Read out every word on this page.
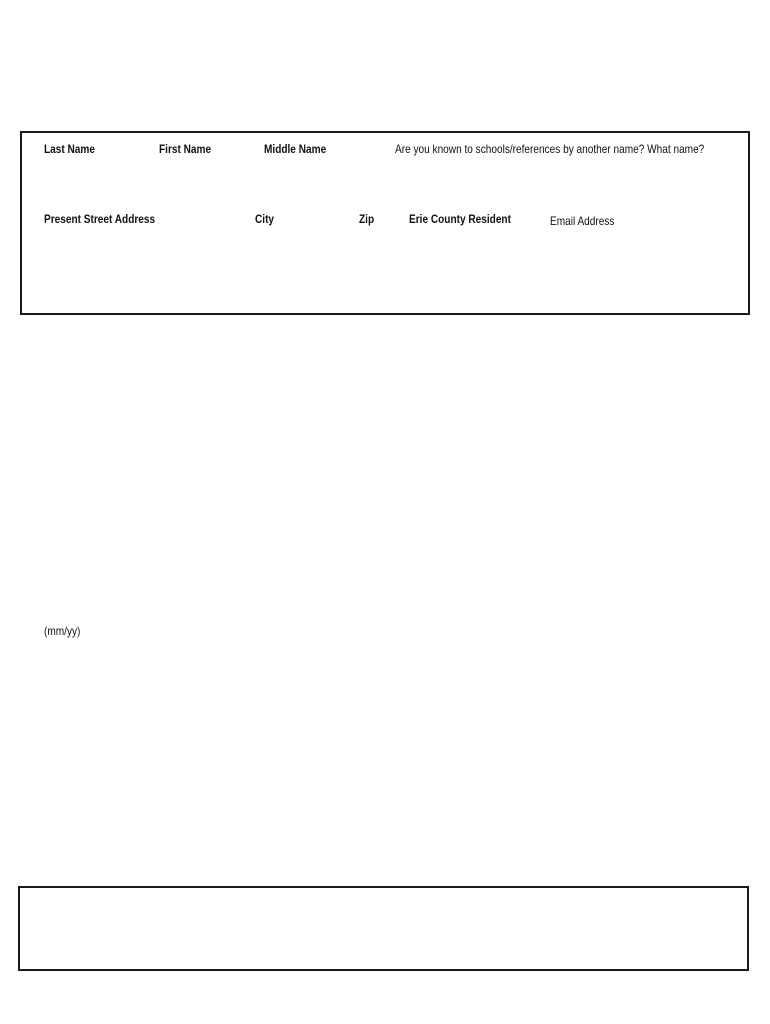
Last Name	First Name	Middle Name	Are you known to schools/references by another name? What name?
Present Street Address	City	Zip	Erie County Resident	Email Address
(mm/yy)
